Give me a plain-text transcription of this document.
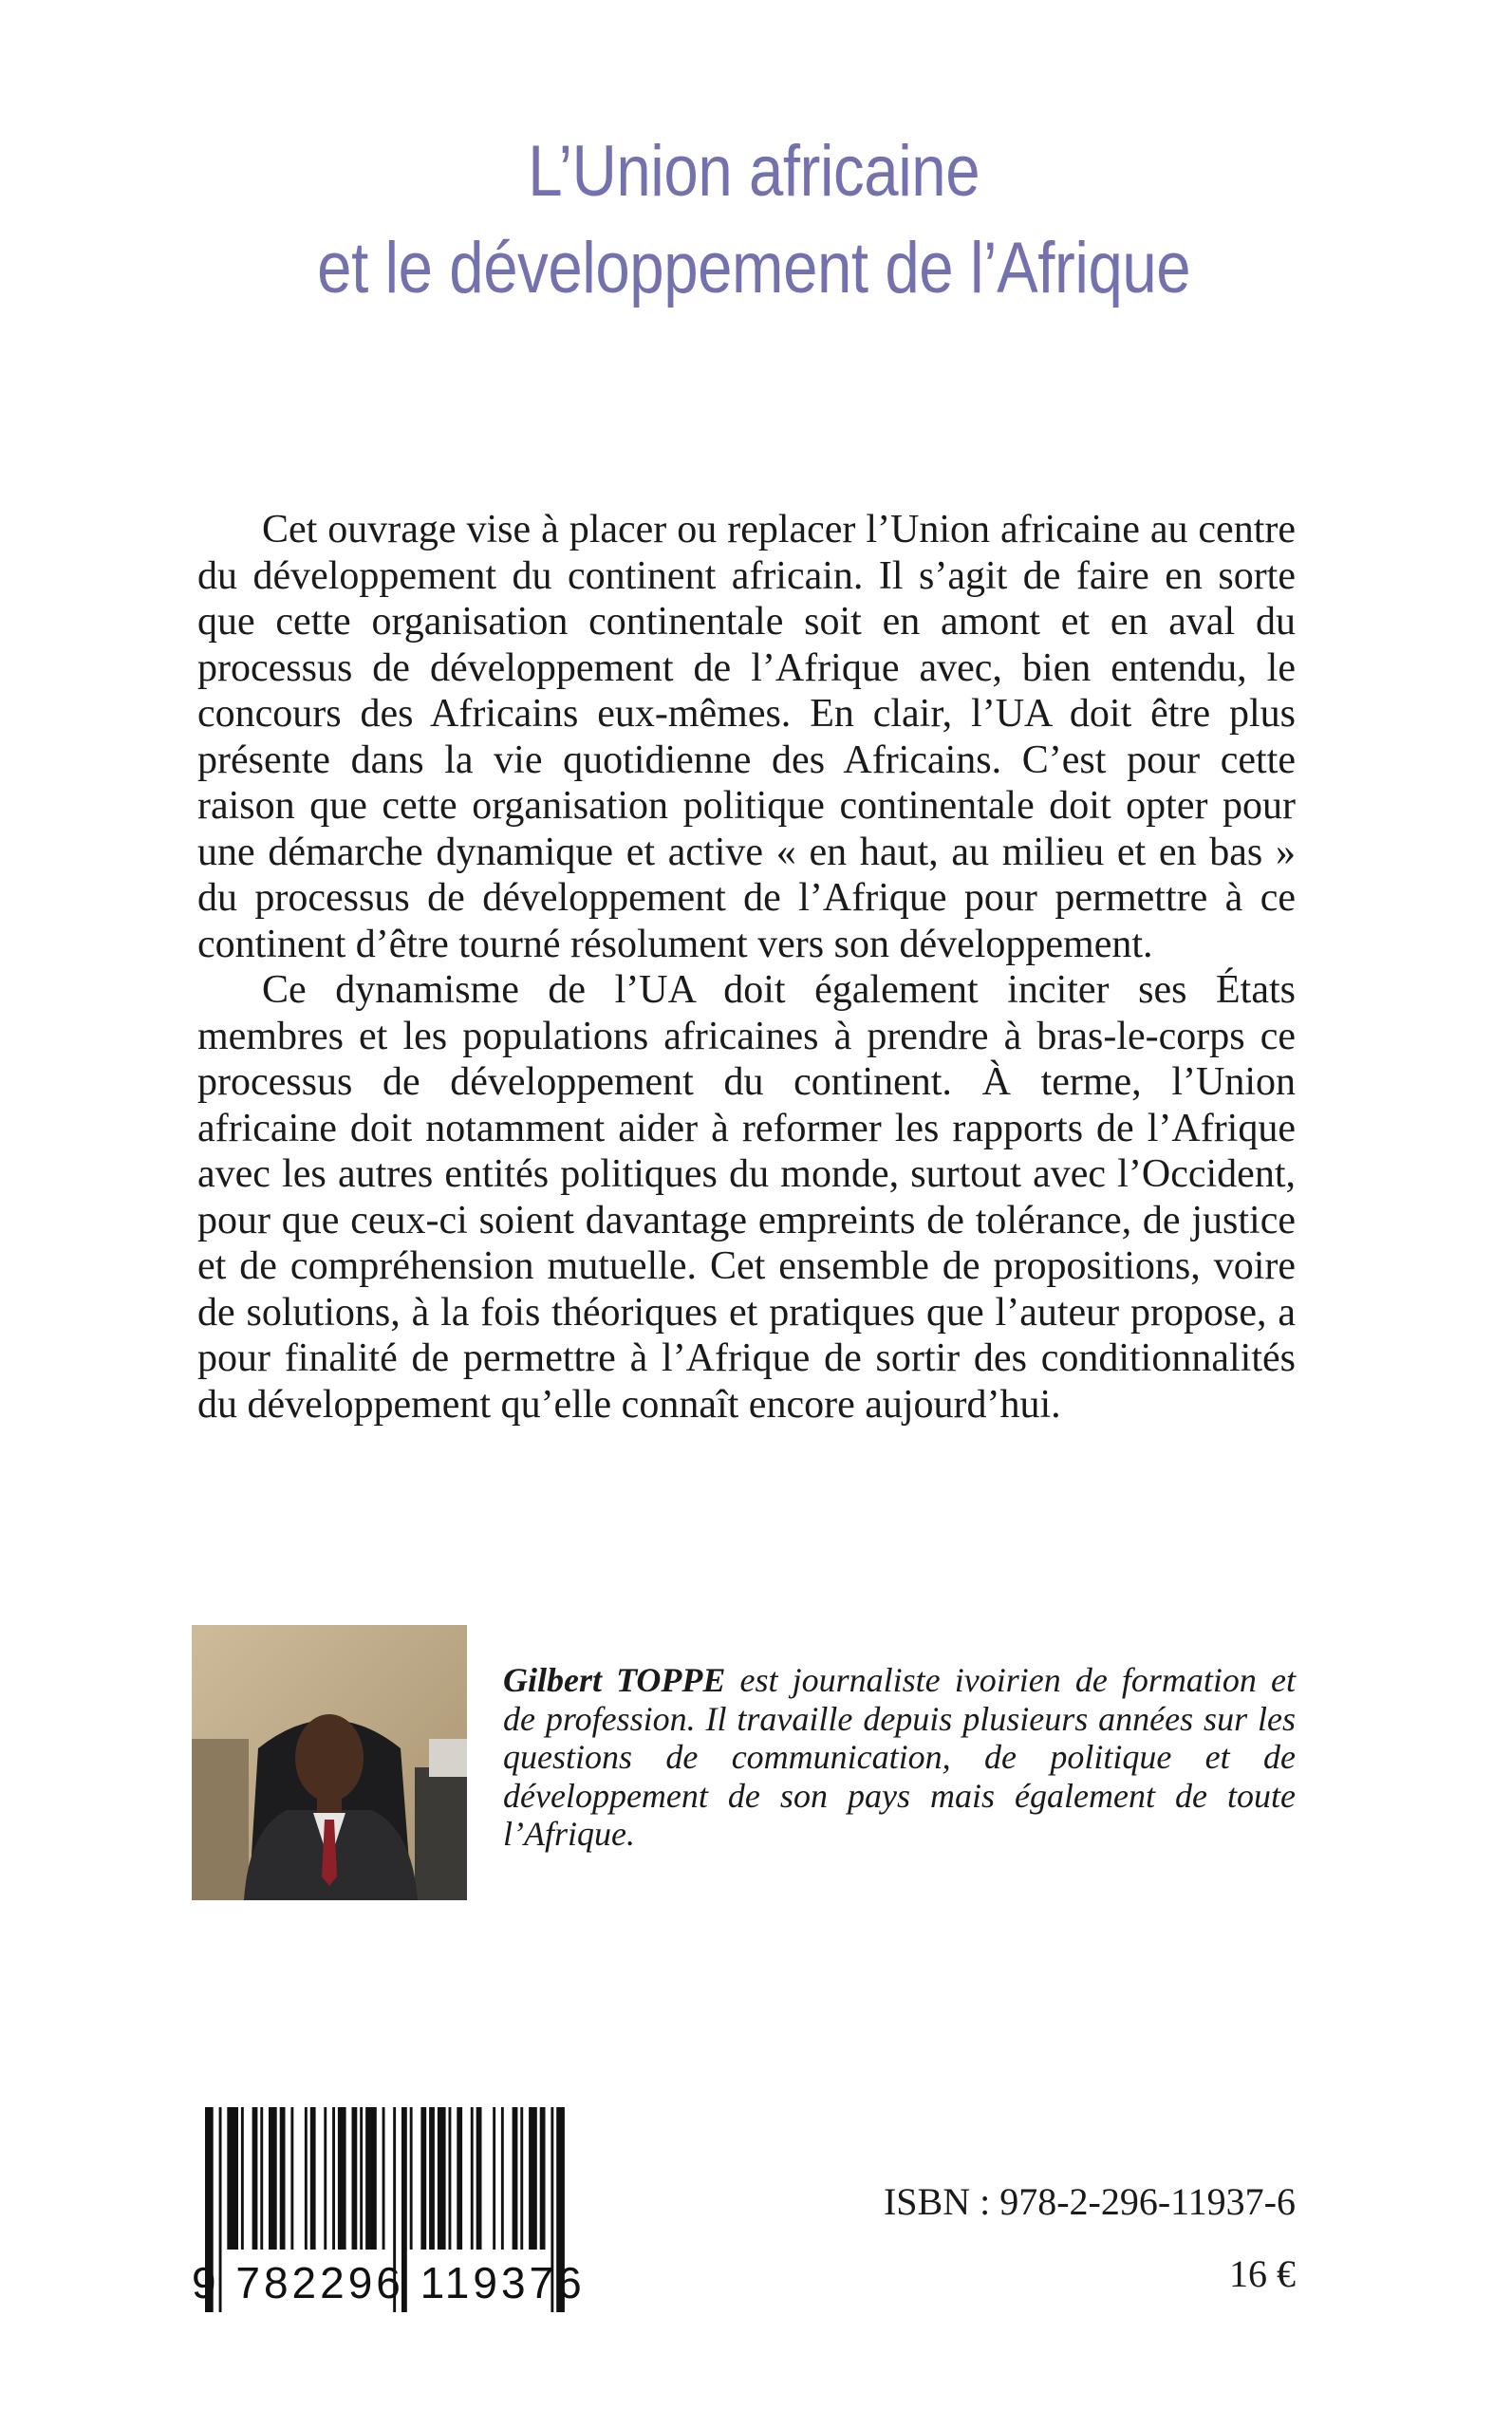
L’Union africaine
et le développement de l’Afrique

Cet ouvrage vise à placer ou replacer l’Union africaine au centre du développement du continent africain. Il s’agit de faire en sorte que cette organisation continentale soit en amont et en aval du processus de développement de l’Afrique avec, bien entendu, le concours des Africains eux-mêmes. En clair, l’UA doit être plus présente dans la vie quotidienne des Africains. C’est pour cette raison que cette organisation politique continentale doit opter pour une démarche dynamique et active « en haut, au milieu et en bas » du processus de développement de l’Afrique pour permettre à ce continent d’être tourné résolument vers son développement.

Ce dynamisme de l’UA doit également inciter ses États membres et les populations africaines à prendre à bras-le-corps ce processus de développement du continent. À terme, l’Union africaine doit notamment aider à reformer les rapports de l’Afrique avec les autres entités politiques du monde, surtout avec l’Occident, pour que ceux-ci soient davantage empreints de tolérance, de justice et de compréhension mutuelle. Cet ensemble de propositions, voire de solutions, à la fois théoriques et pratiques que l’auteur propose, a pour finalité de permettre à l’Afrique de sortir des conditionnalités du développement qu’elle connaît encore aujourd’hui.

Gilbert TOPPE est journaliste ivoirien de formation et de profession. Il travaille depuis plusieurs années sur les questions de communication, de politique et de développement de son pays mais également de toute l’Afrique.
9 782296 119376
ISBN : 978-2-296-11937-6
16 €
